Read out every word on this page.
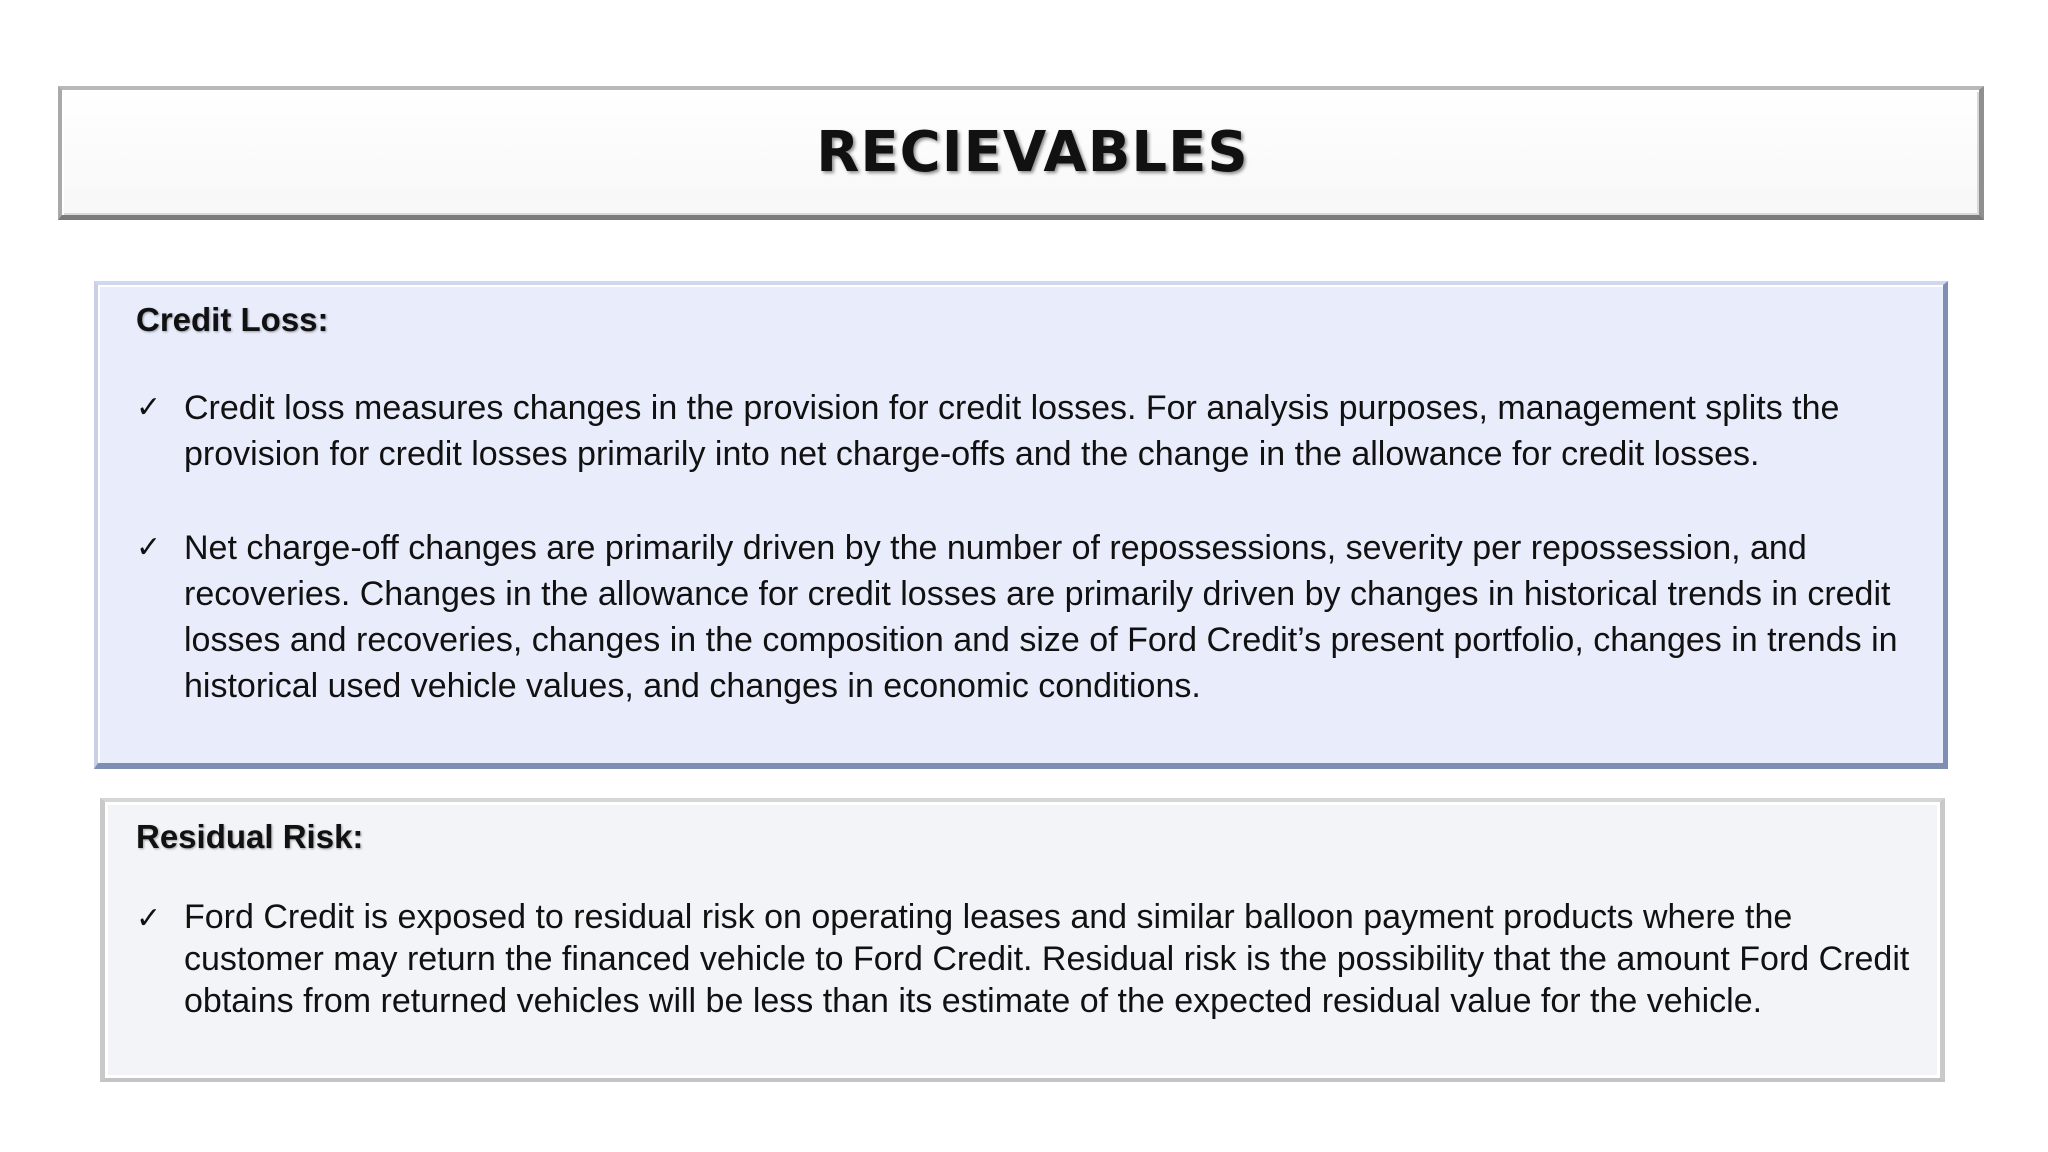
RECIEVABLES
Credit Loss:
✓ Credit loss measures changes in the provision for credit losses. For analysis purposes, management splits the provision for credit losses primarily into net charge-offs and the change in the allowance for credit losses.

✓ Net charge-off changes are primarily driven by the number of repossessions, severity per repossession, and recoveries. Changes in the allowance for credit losses are primarily driven by changes in historical trends in credit losses and recoveries, changes in the composition and size of Ford Credit’s present portfolio, changes in trends in historical used vehicle values, and changes in economic conditions.

Residual Risk:
✓ Ford Credit is exposed to residual risk on operating leases and similar balloon payment products where the customer may return the financed vehicle to Ford Credit. Residual risk is the possibility that the amount Ford Credit obtains from returned vehicles will be less than its estimate of the expected residual value for the vehicle.
